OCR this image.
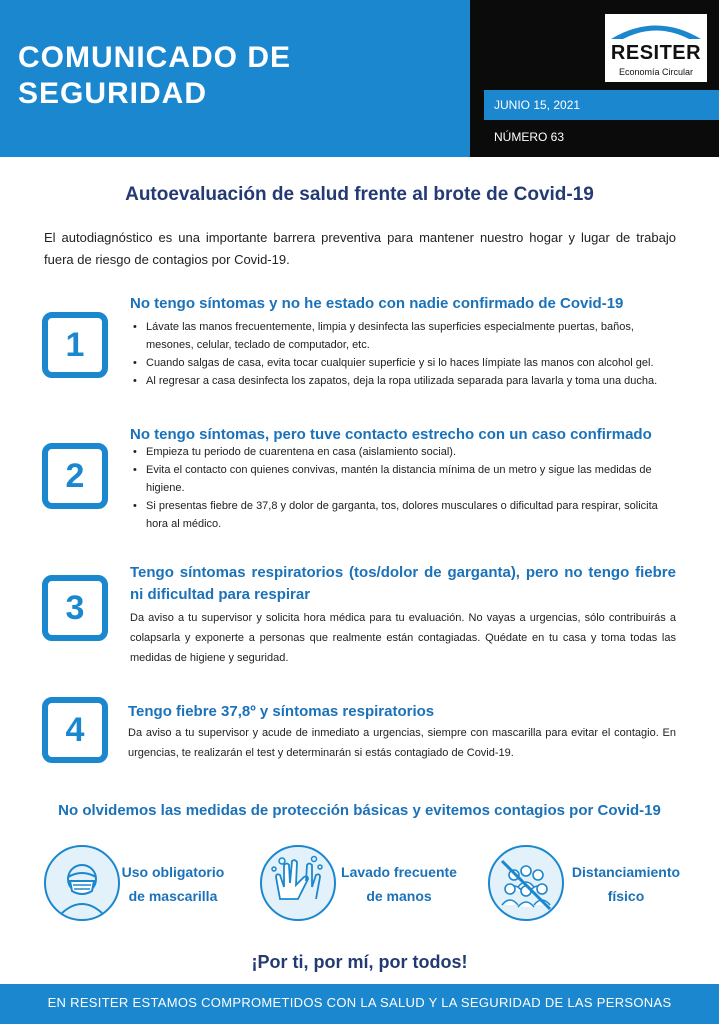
COMUNICADO DE
SEGURIDAD	JUNIO 15, 2021
NÚMERO 63
RESITER
Economía Circular
Autoevaluación de salud frente al brote de Covid-19
El autodiagnóstico es una importante barrera preventiva para mantener nuestro hogar y lugar de trabajo fuera de riesgo de contagios por Covid-19.
1
No tengo síntomas y no he estado con nadie confirmado de Covid-19
• Lávate las manos frecuentemente, limpia y desinfecta las superficies especialmente puertas, baños, mesones, celular, teclado de computador, etc.
• Cuando salgas de casa, evita tocar cualquier superficie y si lo haces límpiate las manos con alcohol gel.
• Al regresar a casa desinfecta los zapatos, deja la ropa utilizada separada para lavarla y toma una ducha.
2
No tengo síntomas, pero tuve contacto estrecho con un caso confirmado
• Empieza tu periodo de cuarentena en casa (aislamiento social).
• Evita el contacto con quienes convivas, mantén la distancia mínima de un metro y sigue las medidas de higiene.
• Si presentas fiebre de 37,8 y dolor de garganta, tos, dolores musculares o dificultad para respirar, solicita hora al médico.
3
Tengo síntomas respiratorios (tos/dolor de garganta), pero no tengo fiebre ni dificultad para respirar
Da aviso a tu supervisor y solicita hora médica para tu evaluación. No vayas a urgencias, sólo contribuirás a colapsarla y exponerte a personas que realmente están contagiadas. Quédate en tu casa y toma todas las medidas de higiene y seguridad.
4	Tengo fiebre 37,8º y síntomas respiratorios
Da aviso a tu supervisor y acude de inmediato a urgencias, siempre con mascarilla para evitar el contagio. En urgencias, te realizarán el test y determinarán si estás contagiado de Covid-19.
No olvidemos las medidas de protección básicas y evitemos contagios por Covid-19
Uso obligatorio
de mascarilla
Lavado frecuente
de manos
Distanciamiento
físico
¡Por ti, por mí, por todos!
EN RESITER ESTAMOS COMPROMETIDOS CON LA SALUD Y LA SEGURIDAD DE LAS PERSONAS
